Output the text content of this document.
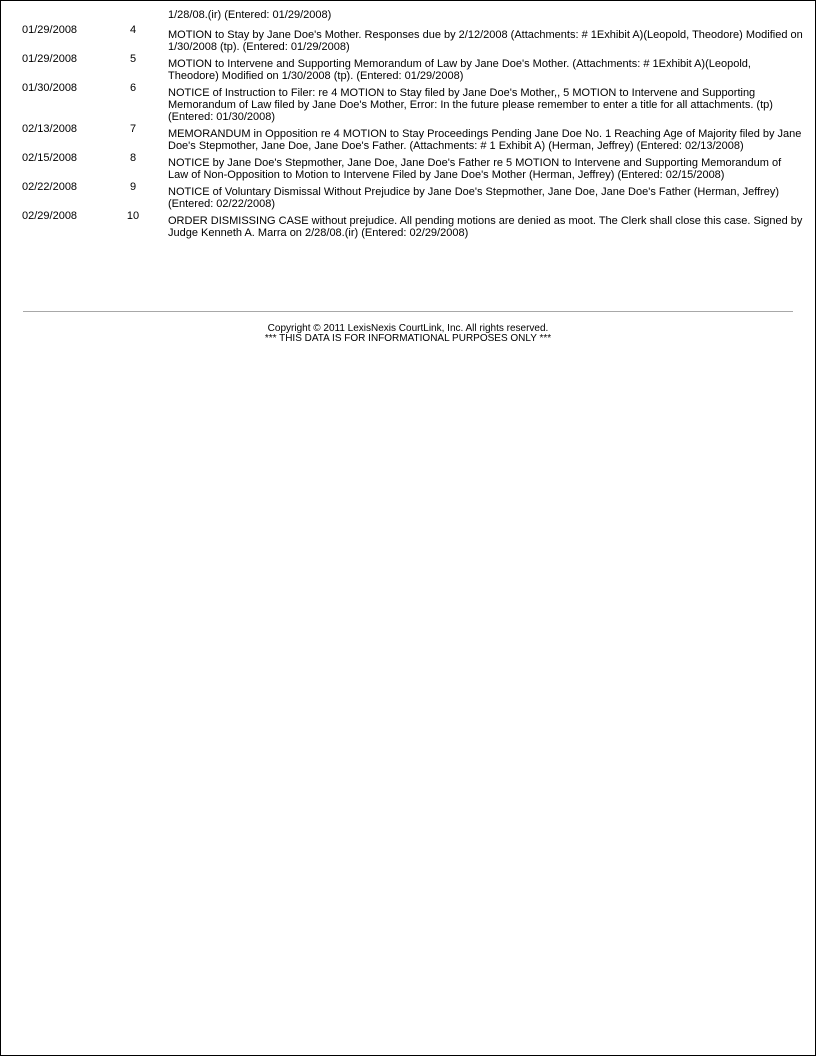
1/28/08.(ir) (Entered: 01/29/2008)
01/29/2008	4	MOTION to Stay by Jane Doe's Mother. Responses due by 2/12/2008 (Attachments: # 1Exhibit A)(Leopold, Theodore) Modified on 1/30/2008 (tp). (Entered: 01/29/2008)
01/29/2008	5	MOTION to Intervene and Supporting Memorandum of Law by Jane Doe's Mother. (Attachments: # 1Exhibit A)(Leopold, Theodore) Modified on 1/30/2008 (tp). (Entered: 01/29/2008)
01/30/2008	6	NOTICE of Instruction to Filer: re 4 MOTION to Stay filed by Jane Doe's Mother,, 5 MOTION to Intervene and Supporting Memorandum of Law filed by Jane Doe's Mother, Error: In the future please remember to enter a title for all attachments. (tp) (Entered: 01/30/2008)
02/13/2008	7	MEMORANDUM in Opposition re 4 MOTION to Stay Proceedings Pending Jane Doe No. 1 Reaching Age of Majority filed by Jane Doe's Stepmother, Jane Doe, Jane Doe's Father. (Attachments: # 1 Exhibit A) (Herman, Jeffrey) (Entered: 02/13/2008)
02/15/2008	8	NOTICE by Jane Doe's Stepmother, Jane Doe, Jane Doe's Father re 5 MOTION to Intervene and Supporting Memorandum of Law of Non-Opposition to Motion to Intervene Filed by Jane Doe's Mother (Herman, Jeffrey) (Entered: 02/15/2008)
02/22/2008	9	NOTICE of Voluntary Dismissal Without Prejudice by Jane Doe's Stepmother, Jane Doe, Jane Doe's Father (Herman, Jeffrey) (Entered: 02/22/2008)
02/29/2008	10	ORDER DISMISSING CASE without prejudice. All pending motions are denied as moot. The Clerk shall close this case. Signed by Judge Kenneth A. Marra on 2/28/08.(ir) (Entered: 02/29/2008)
Copyright © 2011 LexisNexis CourtLink, Inc. All rights reserved.
*** THIS DATA IS FOR INFORMATIONAL PURPOSES ONLY ***
